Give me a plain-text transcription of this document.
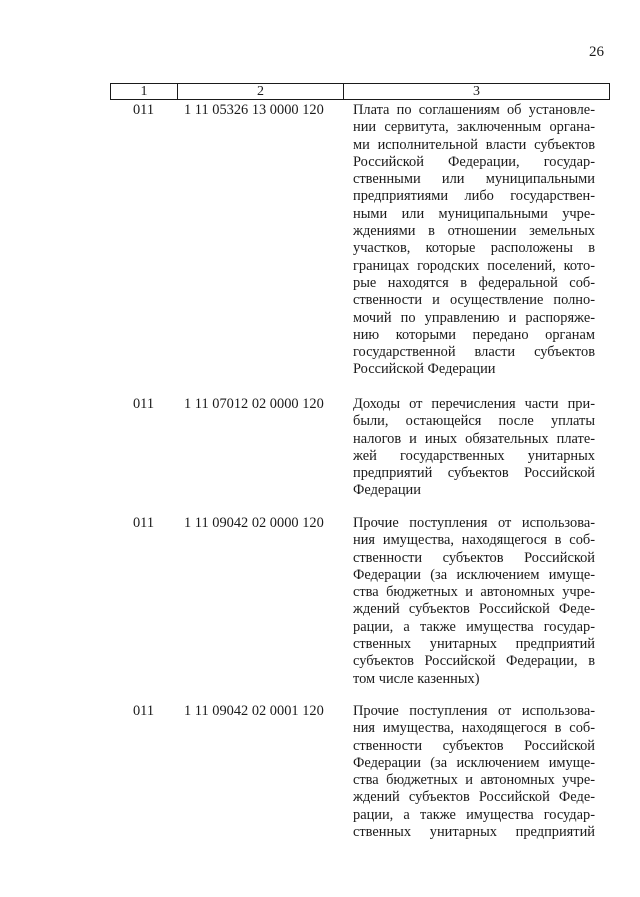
26
1	2	3
011	1 11 05326 13 0000 120 Плата по соглашениям об установле-
нии сервитута, заключенным органа-
ми исполнительной власти субъектов
Российской Федерации, государ-
ственными или муниципальными
предприятиями либо государствен-
ными или муниципальными учре-
ждениями в отношении земельных
участков, которые расположены в
границах городских поселений, кото-
рые находятся в федеральной соб-
ственности и осуществление полно-
мочий по управлению и распоряже-
нию которыми передано органам
государственной власти субъектов
Российской Федерации
011	1 11 07012 02 0000 120 Доходы от перечисления части при-
были, остающейся после уплаты
налогов и иных обязательных плате-
жей государственных унитарных
предприятий субъектов Российской
Федерации
011	1 11 09042 02 0000 120 Прочие поступления от использова-
ния имущества, находящегося в соб-
ственности субъектов Российской
Федерации (за исключением имуще-
ства бюджетных и автономных учре-
ждений субъектов Российской Феде-
рации, а также имущества государ-
ственных унитарных предприятий
субъектов Российской Федерации, в
том числе казенных)
011	1 11 09042 02 0001 120 Прочие поступления от использова-
ния имущества, находящегося в соб-
ственности субъектов Российской
Федерации (за исключением имуще-
ства бюджетных и автономных учре-
ждений субъектов Российской Феде-
рации, а также имущества государ-
ственных унитарных предприятий
